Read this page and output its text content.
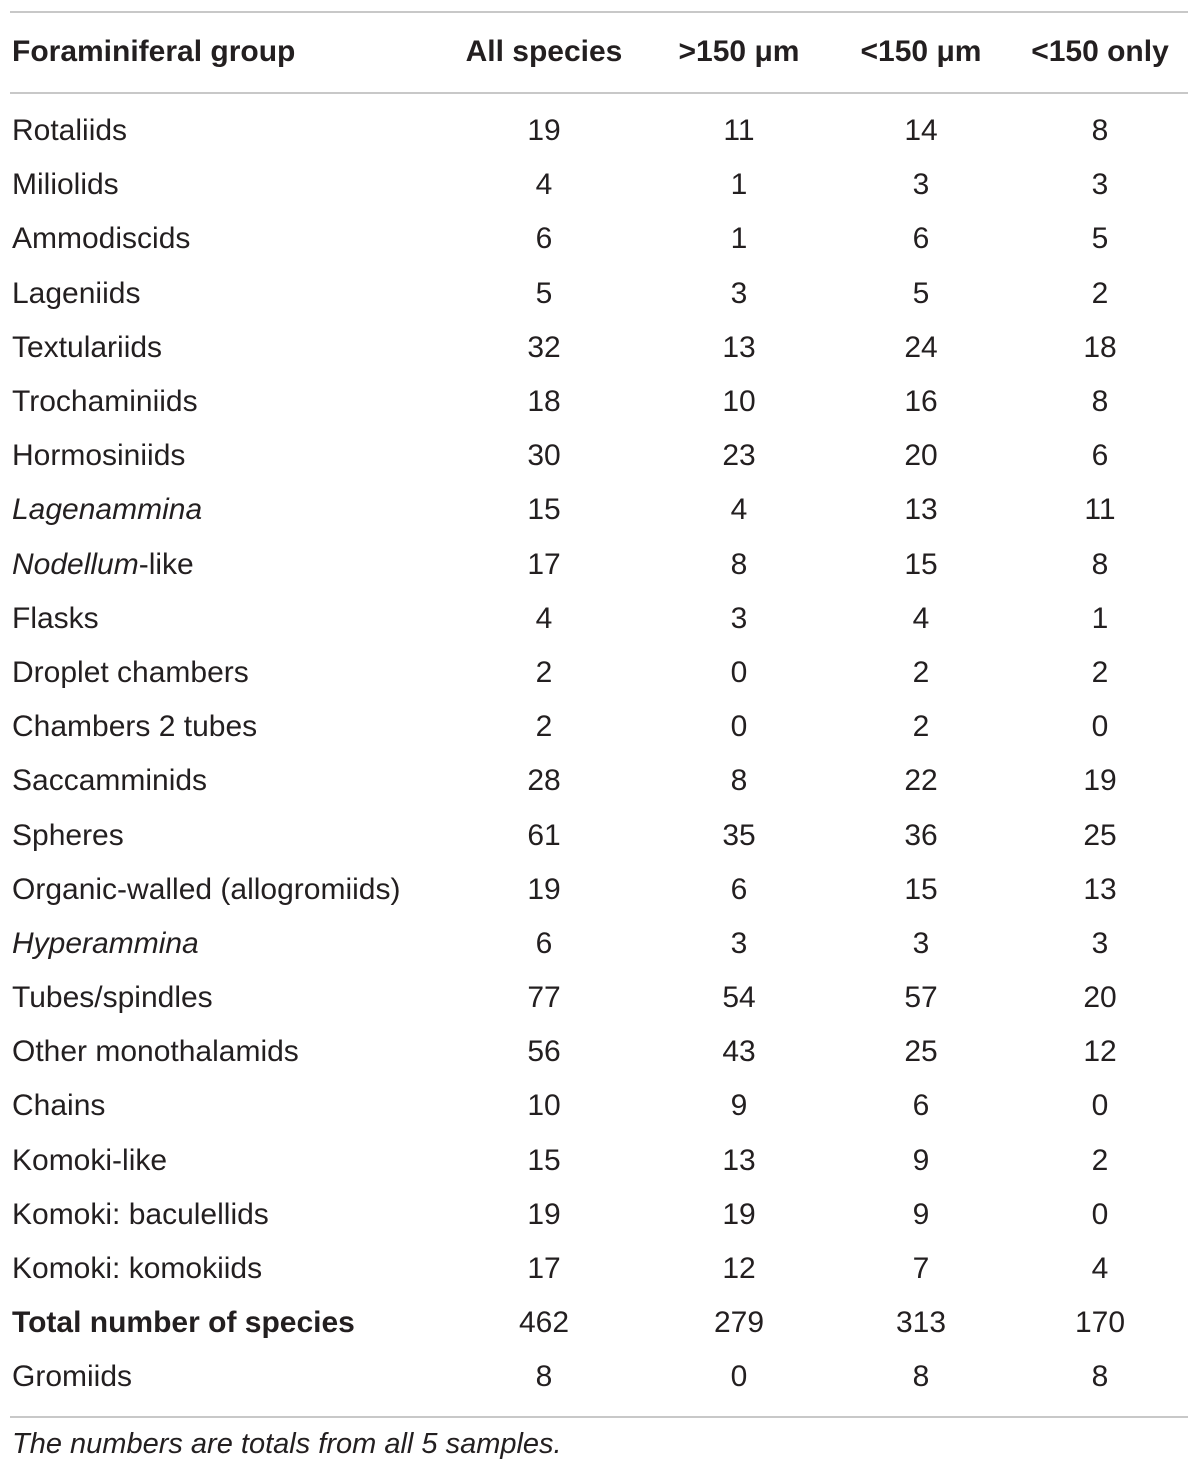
Foraminiferal group	All species	>150 μm	<150 μm	<150 only

Rotaliids	19	11	14	8
Miliolids	4	1	3	3
Ammodiscids	6	1	6	5
Lageniids	5	3	5	2
Textulariids	32	13	24	18
Trochaminiids	18	10	16	8
Hormosiniids	30	23	20	6
Lagenammina	15	4	13	11
Nodellum-like	17	8	15	8
Flasks	4	3	4	1
Droplet chambers	2	0	2	2
Chambers 2 tubes	2	0	2	0
Saccamminids	28	8	22	19
Spheres	61	35	36	25
Organic-walled (allogromiids)	19	6	15	13
Hyperammina	6	3	3	3
Tubes/spindles	77	54	57	20
Other monothalamids	56	43	25	12
Chains	10	9	6	0
Komoki-like	15	13	9	2
Komoki: baculellids	19	19	9	0
Komoki: komokiids	17	12	7	4
Total number of species	462	279	313	170
Gromiids	8	0	8	8
The numbers are totals from all 5 samples.
